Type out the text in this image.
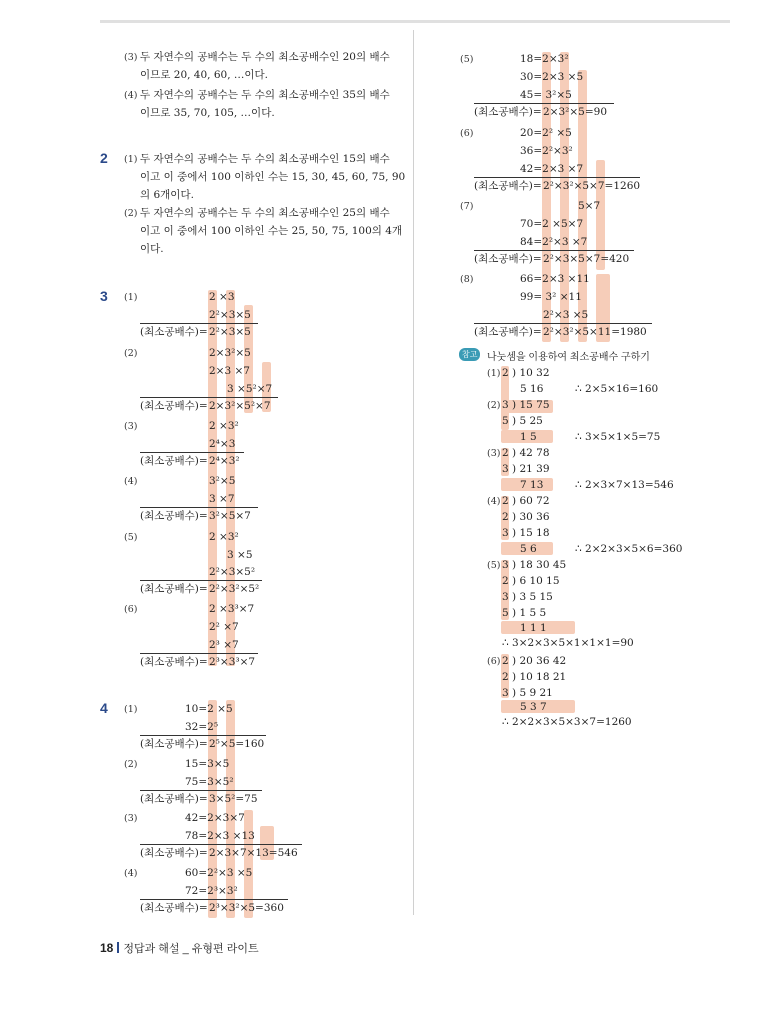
(3) 두 자연수의 공배수는 두 수의 최소공배수인 20의 배수
이므로 20, 40, 60, …이다.
(4) 두 자연수의 공배수는 두 수의 최소공배수인 35의 배수
이므로 35, 70, 105, …이다.
2 (1) 두 자연수의 공배수는 두 수의 최소공배수인 15의 배수
이고 이 중에서 100 이하인 수는 15, 30, 45, 60, 75, 90
의 6개이다.
(2) 두 자연수의 공배수는 두 수의 최소공배수인 25의 배수
이고 이 중에서 100 이하인 수는 25, 50, 75, 100의 4개
이다.
3 (1)	2 ×3
2²×3×5
(최소공배수)= 2²×3×5
(2)	2×3²×5
2×3 ×7
3 ×5²×7
(최소공배수)= 2×3²×5²×7
(3)	2 ×3²
2⁴×3
(최소공배수)= 2⁴×3²
(4)	3²×5
3 ×7
(최소공배수)= 3²×5×7
(5)	2 ×3²
3 ×5
2²×3×5²
(최소공배수)= 2²×3²×5²
(6)	2 ×3³×7
2² ×7
2³ ×7
(최소공배수)= 2³×3³×7
4 (1)	10=2 ×5
32=2⁵
(최소공배수)= 2⁵×5=160
(2)	15=3×5
75=3×5²
(최소공배수)= 3×5²=75
(3)	42=2×3×7
78=2×3 ×13
(최소공배수)= 2×3×7×13=546
(4)	60=2²×3 ×5
72=2³×3²
(최소공배수)= 2³×3²×5=360
(5)	18=2×3²
30=2×3 ×5
45= 3²×5
(최소공배수)= 2×3²×5=90
(6)	20=2² ×5
36=2²×3²
42=2×3 ×7
(최소공배수)= 2²×3²×5×7=1260
(7)	5×7
70=2 ×5×7
84=2²×3 ×7
(최소공배수)= 2²×3×5×7=420
(8)	66=2×3 ×11
99= 3² ×11
2²×3 ×5
(최소공배수)= 2²×3²×5×11=1980
참고 나눗셈을 이용하여 최소공배수 구하기
(1) 2 ) 10 32
5 16	∴ 2×5×16=160
(2) 3 ) 15 75
5 ) 5 25
1 5	∴ 3×5×1×5=75
(3) 2 ) 42 78
3 ) 21 39
7 13	∴ 2×3×7×13=546
(4) 2 ) 60 72
2 ) 30 36
3 ) 15 18
5 6	∴ 2×2×3×5×6=360
(5) 3 ) 18 30 45
2 ) 6 10 15
3 ) 3 5 15
5 ) 1 5 5
1 1 1
∴ 3×2×3×5×1×1×1=90
(6) 2 ) 20 36 42
2 ) 10 18 21
3 ) 5 9 21
5 3 7
∴ 2×2×3×5×3×7=1260
18 정답과 해설 _ 유형편 라이트
